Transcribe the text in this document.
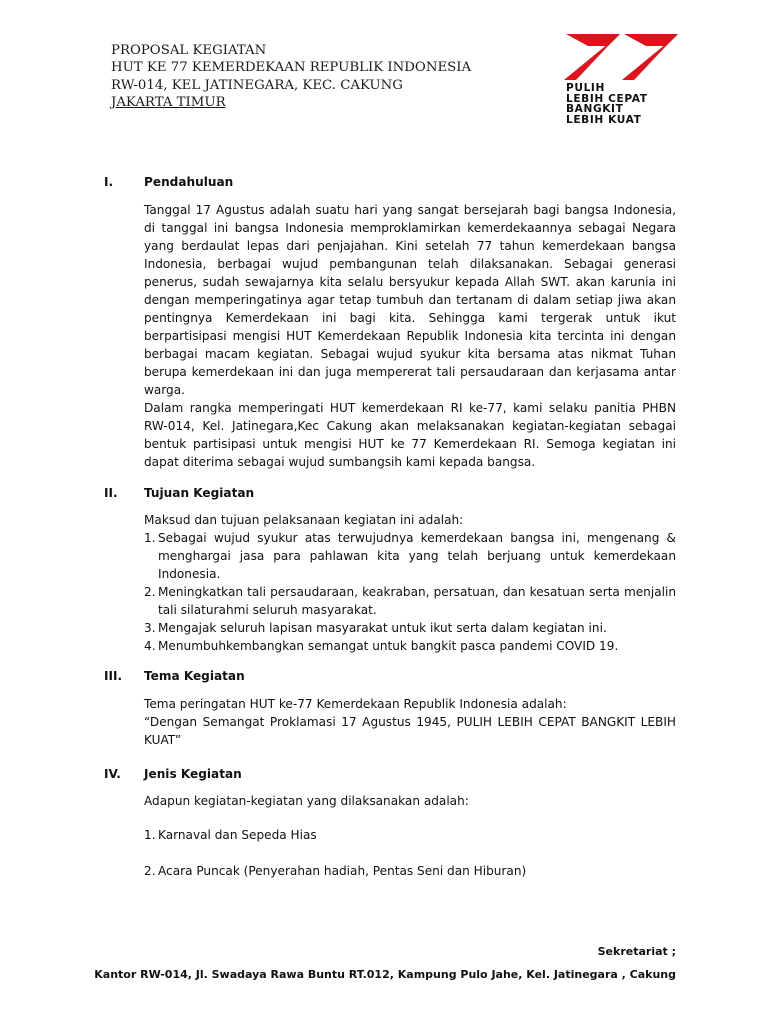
PROPOSAL KEGIATAN
HUT KE 77 KEMERDEKAAN REPUBLIK INDONESIA
RW-014, KEL JATINEGARA, KEC. CAKUNG
JAKARTA TIMUR
PULIH
LEBIH CEPAT
BANGKIT
LEBIH KUAT
I.	Pendahuluan

Tanggal 17 Agustus adalah suatu hari yang sangat bersejarah bagi bangsa Indonesia, di tanggal ini bangsa Indonesia memproklamirkan kemerdekaannya sebagai Negara yang berdaulat lepas dari penjajahan. Kini setelah 77 tahun kemerdekaan bangsa Indonesia, berbagai wujud pembangunan telah dilaksanakan. Sebagai generasi penerus, sudah sewajarnya kita selalu bersyukur kepada Allah SWT. akan karunia ini dengan memperingatinya agar tetap tumbuh dan tertanam di dalam setiap jiwa akan pentingnya Kemerdekaan ini bagi kita. Sehingga kami tergerak untuk ikut berpartisipasi mengisi HUT Kemerdekaan Republik Indonesia kita tercinta ini dengan berbagai macam kegiatan. Sebagai wujud syukur kita bersama atas nikmat Tuhan berupa kemerdekaan ini dan juga mempererat tali persaudaraan dan kerjasama antar warga.

Dalam rangka memperingati HUT kemerdekaan RI ke-77, kami selaku panitia PHBN RW-014, Kel. Jatinegara,Kec Cakung akan melaksanakan kegiatan-kegiatan sebagai bentuk partisipasi untuk mengisi HUT ke 77 Kemerdekaan RI. Semoga kegiatan ini dapat diterima sebagai wujud sumbangsih kami kepada bangsa.

II.	Tujuan Kegiatan

Maksud dan tujuan pelaksanaan kegiatan ini adalah:

1. Sebagai wujud syukur atas terwujudnya kemerdekaan bangsa ini, mengenang & menghargai jasa para pahlawan kita yang telah berjuang untuk kemerdekaan Indonesia.
2. Meningkatkan tali persaudaraan, keakraban, persatuan, dan kesatuan serta menjalin tali silaturahmi seluruh masyarakat.
3. Mengajak seluruh lapisan masyarakat untuk ikut serta dalam kegiatan ini.
4. Menumbuhkembangkan semangat untuk bangkit pasca pandemi COVID 19.
III.	Tema Kegiatan

Tema peringatan HUT ke-77 Kemerdekaan Republik Indonesia adalah:

“Dengan Semangat Proklamasi 17 Agustus 1945, PULIH LEBIH CEPAT BANGKIT LEBIH KUAT”

IV.	Jenis Kegiatan

Adapun kegiatan-kegiatan yang dilaksanakan adalah:

1. Karnaval dan Sepeda Hias
2. Acara Puncak (Penyerahan hadiah, Pentas Seni dan Hiburan)
Sekretariat ;
Kantor RW-014, Jl. Swadaya Rawa Buntu RT.012, Kampung Pulo Jahe, Kel. Jatinegara , Cakung
